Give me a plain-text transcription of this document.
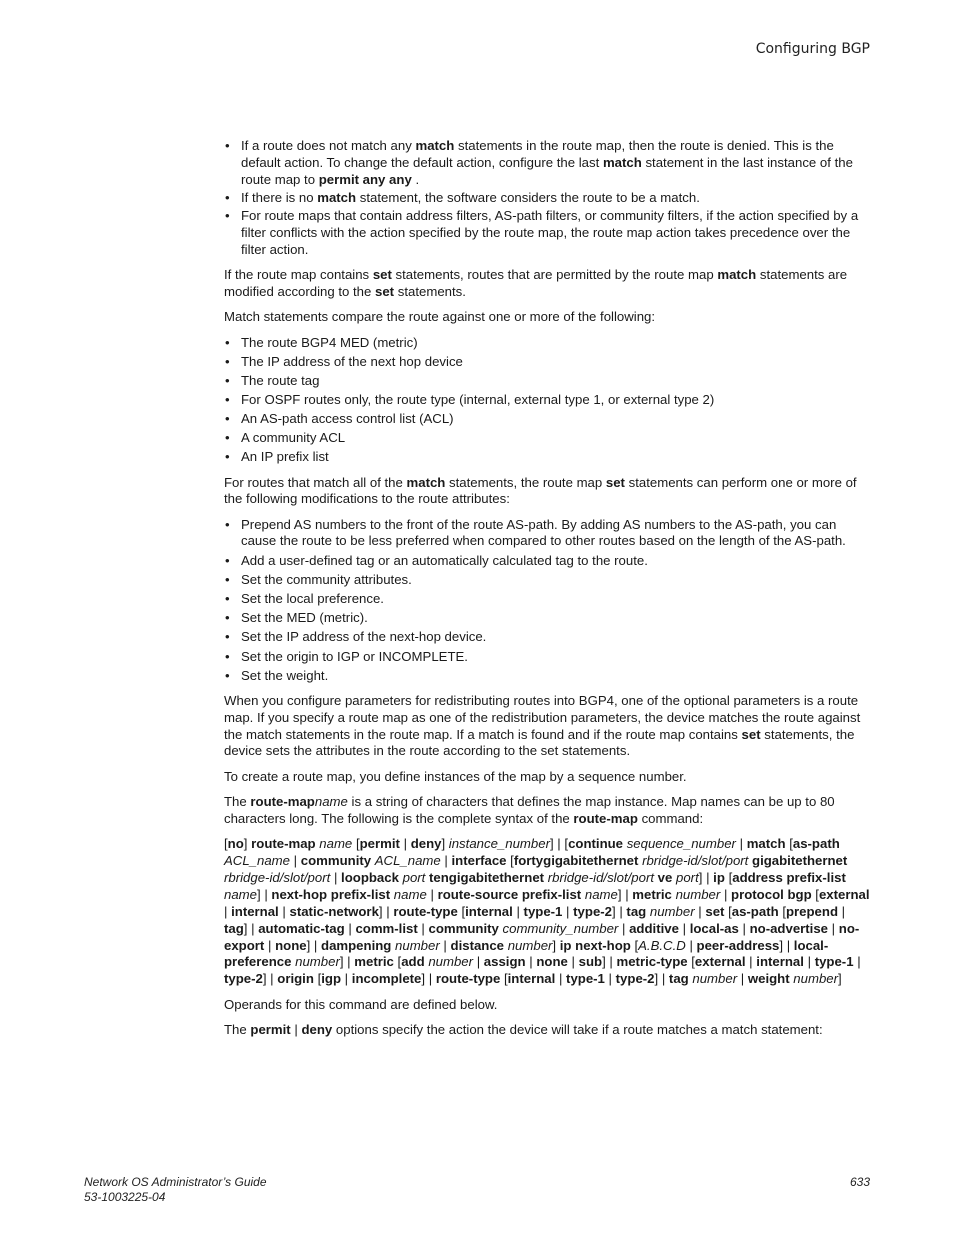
Configuring BGP
• If a route does not match any match statements in the route map, then the route is denied. This is the default action. To change the default action, configure the last match statement in the last instance of the route map to permit any any .
• If there is no match statement, the software considers the route to be a match.
• For route maps that contain address filters, AS-path filters, or community filters, if the action specified by a filter conflicts with the action specified by the route map, the route map action takes precedence over the filter action.

If the route map contains set statements, routes that are permitted by the route map match statements are modified according to the set statements.

Match statements compare the route against one or more of the following:

• The route BGP4 MED (metric)
• The IP address of the next hop device
• The route tag
• For OSPF routes only, the route type (internal, external type 1, or external type 2)
• An AS-path access control list (ACL)
• A community ACL
• An IP prefix list

For routes that match all of the match statements, the route map set statements can perform one or more of the following modifications to the route attributes:

• Prepend AS numbers to the front of the route AS-path. By adding AS numbers to the AS-path, you can cause the route to be less preferred when compared to other routes based on the length of the AS-path.
• Add a user-defined tag or an automatically calculated tag to the route.
• Set the community attributes.
• Set the local preference.
• Set the MED (metric).
• Set the IP address of the next-hop device.
• Set the origin to IGP or INCOMPLETE.
• Set the weight.

When you configure parameters for redistributing routes into BGP4, one of the optional parameters is a route map. If you specify a route map as one of the redistribution parameters, the device matches the route against the match statements in the route map. If a match is found and if the route map contains set statements, the device sets the attributes in the route according to the set statements.

To create a route map, you define instances of the map by a sequence number.

The route-mapname is a string of characters that defines the map instance. Map names can be up to 80 characters long. The following is the complete syntax of the route-map command:

[no] route-map name [permit | deny] instance_number] | [continue sequence_number | match [as-path ACL_name | community ACL_name | interface [fortygigabitethernet rbridge-id/slot/port gigabitethernet rbridge-id/slot/port | loopback port tengigabitethernet rbridge-id/slot/port ve port] | ip [address prefix-list name] | next-hop prefix-list name | route-source prefix-list name] | metric number | protocol bgp [external | internal | static-network] | route-type [internal | type-1 | type-2] | tag number | set [as-path [prepend | tag] | automatic-tag | comm-list | community community_number | additive | local-as | no-advertise | no-export | none] | dampening number | distance number] ip next-hop [A.B.C.D | peer-address] | local-preference number] | metric [add number | assign | none | sub] | metric-type [external | internal | type-1 | type-2] | origin [igp | incomplete] | route-type [internal | type-1 | type-2] | tag number | weight number]

Operands for this command are defined below.

The permit | deny options specify the action the device will take if a route matches a match statement:

Network OS Administrator’s Guide
53-1003225-04
633
